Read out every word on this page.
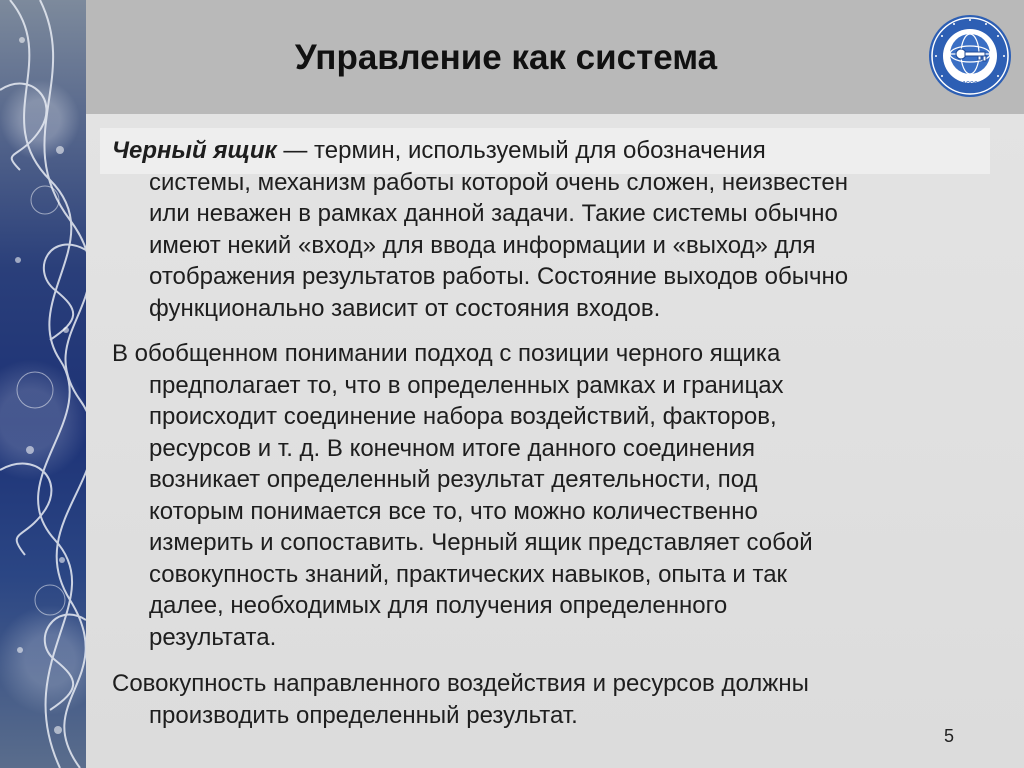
Управление как система
1996
Черный ящик — термин, используемый для обозначения
системы, механизм работы которой очень сложен, неизвестен
или неважен в рамках данной задачи. Такие системы обычно
имеют некий «вход» для ввода информации и «выход» для
отображения результатов работы. Состояние выходов обычно
функционально зависит от состояния входов.
В обобщенном понимании подход с позиции черного ящика
предполагает то, что в определенных рамках и границах
происходит соединение набора воздействий, факторов,
ресурсов и т. д. В конечном итоге данного соединения
возникает определенный результат деятельности, под
которым понимается все то, что можно количественно
измерить и сопоставить. Черный ящик представляет собой
совокупность знаний, практических навыков, опыта и так
далее, необходимых для получения определенного
результата.
Совокупность направленного воздействия и ресурсов должны
производить определенный результат.
5
